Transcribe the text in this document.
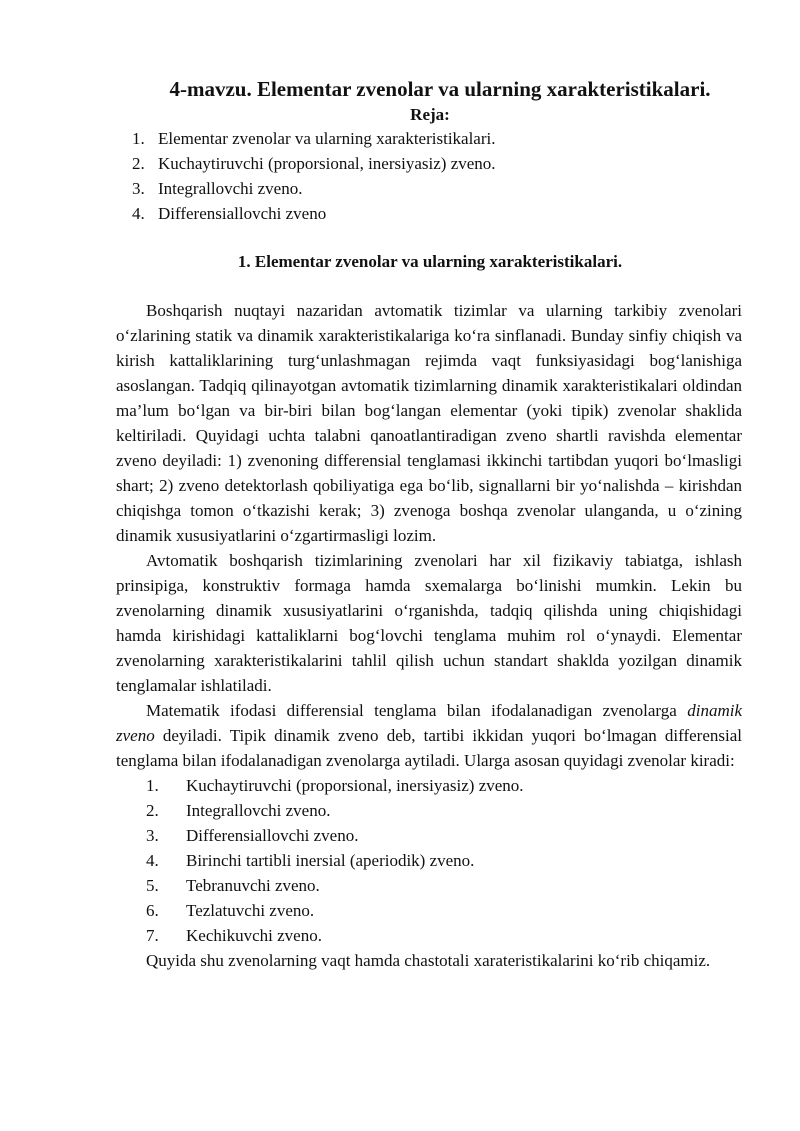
4-mavzu. Elementar zvenolar va ularning xarakteristikalari.
Reja:
1. Elementar zvenolar va ularning xarakteristikalari.
2. Kuchaytiruvchi (proporsional, inersiyasiz) zveno.
3. Integrallovchi zveno.
4. Differensiallovchi zveno
1. Elementar zvenolar va ularning xarakteristikalari.

Boshqarish nuqtayi nazaridan avtomatik tizimlar va ularning tarkibiy zvenolari o‘zlarining statik va dinamik xarakteristikalariga ko‘ra sinflanadi. Bunday sinfiy chiqish va kirish kattaliklarining turg‘unlashmagan rejimda vaqt funksiyasidagi bog‘lanishiga asoslangan. Tadqiq qilinayotgan avtomatik tizimlarning dinamik xarakteristikalari oldindan ma’lum bo‘lgan va bir-biri bilan bog‘langan elementar (yoki tipik) zvenolar shaklida keltiriladi. Quyidagi uchta talabni qanoatlantiradigan zveno shartli ravishda elementar zveno deyiladi: 1) zvenoning differensial tenglamasi ikkinchi tartibdan yuqori bo‘lmasligi shart; 2) zveno detektorlash qobiliyatiga ega bo‘lib, signallarni bir yo‘nalishda – kirishdan chiqishga tomon o‘tkazishi kerak; 3) zvenoga boshqa zvenolar ulanganda, u o‘zining dinamik xususiyatlarini o‘zgartirmasligi lozim.

Avtomatik boshqarish tizimlarining zvenolari har xil fizikaviy tabiatga, ishlash prinsipiga, konstruktiv formaga hamda sxemalarga bo‘linishi mumkin. Lekin bu zvenolarning dinamik xususiyatlarini o‘rganishda, tadqiq qilishda uning chiqishidagi hamda kirishidagi kattaliklarni bog‘lovchi tenglama muhim rol o‘ynaydi. Elementar zvenolarning xarakteristikalarini tahlil qilish uchun standart shaklda yozilgan dinamik tenglamalar ishlatiladi.

Matematik ifodasi differensial tenglama bilan ifodalanadigan zvenolarga dinamik zveno deyiladi. Tipik dinamik zveno deb, tartibi ikkidan yuqori bo‘lmagan differensial tenglama bilan ifodalanadigan zvenolarga aytiladi. Ularga asosan quyidagi zvenolar kiradi:

1.	Kuchaytiruvchi (proporsional, inersiyasiz) zveno.
2.	Integrallovchi zveno.
3.	Differensiallovchi zveno.
4.	Birinchi tartibli inersial (aperiodik) zveno.
5.	Tebranuvchi zveno.
6.	Tezlatuvchi zveno.
7.	Kechikuvchi zveno.

Quyida shu zvenolarning vaqt hamda chastotali xarateristikalarini ko‘rib chiqamiz.
